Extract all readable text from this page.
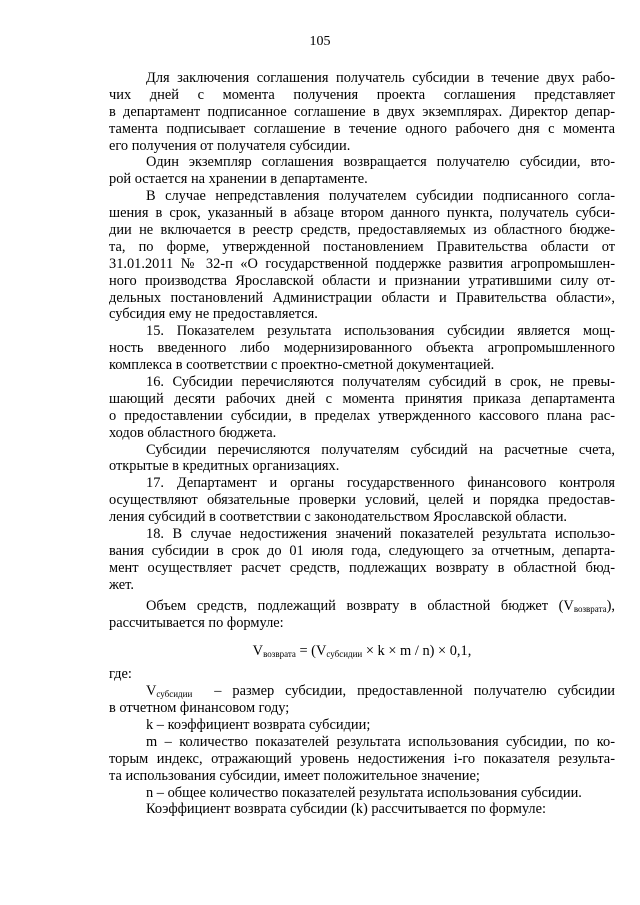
105
Для заключения соглашения получатель субсидии в течение двух рабо-
чих дней с момента получения проекта соглашения представляет
в департамент подписанное соглашение в двух экземплярах. Директор депар-
тамента подписывает соглашение в течение одного рабочего дня с момента
его получения от получателя субсидии.
Один экземпляр соглашения возвращается получателю субсидии, вто-
рой остается на хранении в департаменте.
В случае непредставления получателем субсидии подписанного согла-
шения в срок, указанный в абзаце втором данного пункта, получатель субси-
дии не включается в реестр средств, предоставляемых из областного бюдже-
та, по форме, утвержденной постановлением Правительства области от
31.01.2011 № 32-п «О государственной поддержке развития агропромышлен-
ного производства Ярославской области и признании утратившими силу от-
дельных постановлений Администрации области и Правительства области»,
субсидия ему не предоставляется.
15. Показателем результата использования субсидии является мощ-
ность введенного либо модернизированного объекта агропромышленного
комплекса в соответствии с проектно-сметной документацией.
16. Субсидии перечисляются получателям субсидий в срок, не превы-
шающий десяти рабочих дней с момента принятия приказа департамента
о предоставлении субсидии, в пределах утвержденного кассового плана рас-
ходов областного бюджета.
Субсидии перечисляются получателям субсидий на расчетные счета,
открытые в кредитных организациях.
17. Департамент и органы государственного финансового контроля
осуществляют обязательные проверки условий, целей и порядка предостав-
ления субсидий в соответствии с законодательством Ярославской области.
18. В случае недостижения значений показателей результата использо-
вания субсидии в срок до 01 июля года, следующего за отчетным, департа-
мент осуществляет расчет средств, подлежащих возврату в областной бюд-
жет.
Объем средств, подлежащий возврату в областной бюджет $(V_{возврата})$,
рассчитывается по формуле:
$V_{возврата} = (V_{субсидии} \times k \times m / n) \times 0,1$,
где:
$V_{субсидии}$  – размер субсидии, предоставленной получателю субсидии
в отчетном финансовом году;
k – коэффициент возврата субсидии;
m – количество показателей результата использования субсидии, по ко-
торым индекс, отражающий уровень недостижения i-го показателя результа-
та использования субсидии, имеет положительное значение;
n – общее количество показателей результата использования субсидии.
Коэффициент возврата субсидии (k) рассчитывается по формуле:
